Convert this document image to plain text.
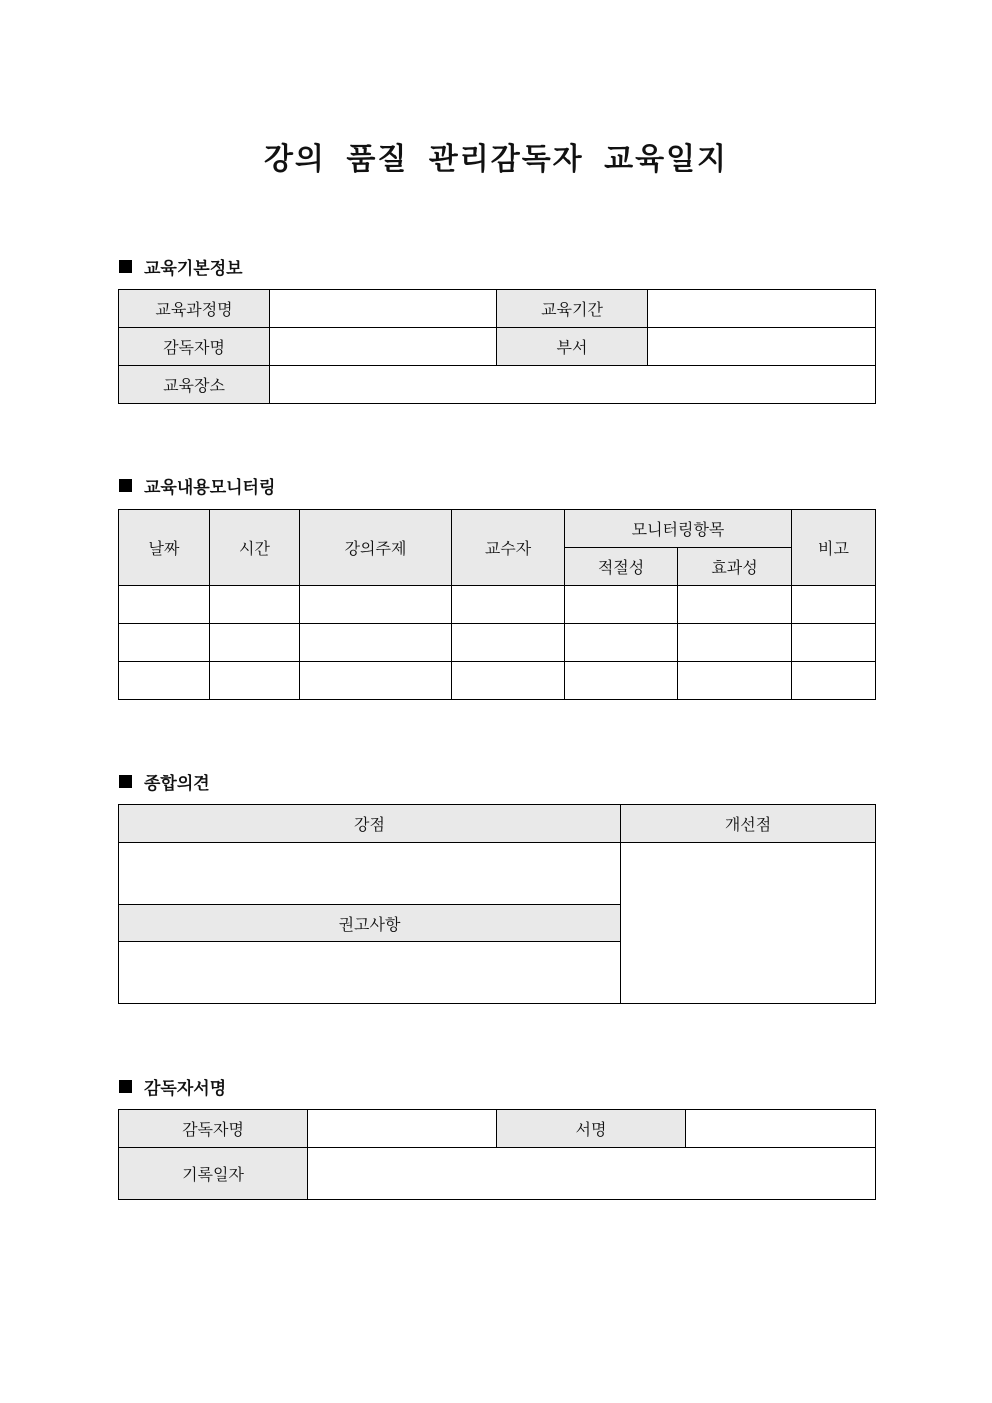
강의 품질 관리감독자 교육일지
교육기본정보
교육과정명		교육기간	
감독자명		부서	
교육장소			
교육내용모니터링
날짜	시간	강의주제	교수자	모니터링항목		비고
				적절성	효과성	

종합의견
강점	개선점

권고사항	

감독자서명
감독자명		서명	
기록일자			
